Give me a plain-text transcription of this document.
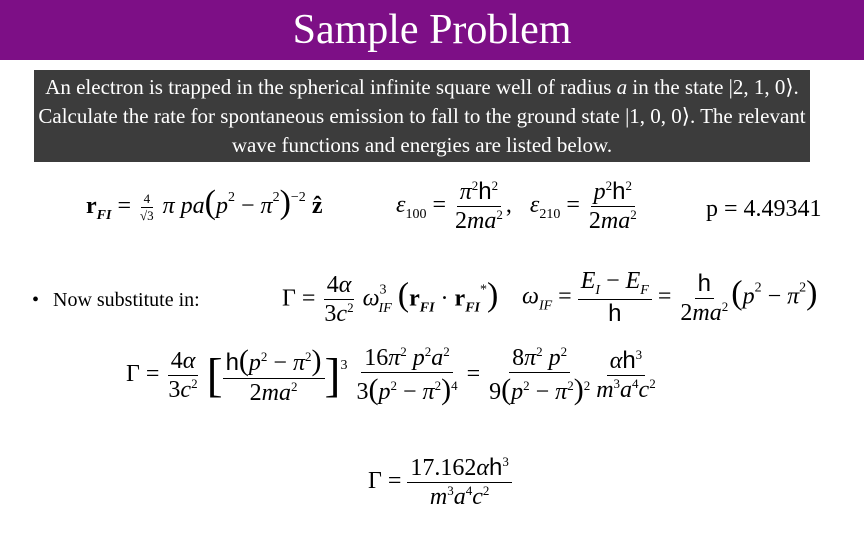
Sample Problem
An electron is trapped in the spherical infinite square well of radius a in the state |2, 1, 0⟩. Calculate the rate for spontaneous emission to fall to the ground state |1, 0, 0⟩. The relevant wave functions and energies are listed below.
$r_{FI} = \frac{4}{√3}$ π $pa(p^2 - \pi^2)^{-2}$ ẑ	$\varepsilon_{100} = \frac{\pi^2h^2}{2ma^2}$ ,   $\varepsilon_{210} = \frac{p^2h^2}{2ma^2}$	p = 4.49341
• Now substitute in:	$\Gamma = \frac{4\alpha}{3c^2} \omega^3_{IF}$ $(r_{FI} \cdot r_{FI}^*) \omega_{IF} = \frac{E_I - E_F}{h} = \frac{h}{2ma^2} (p^2 - \pi^2)$
$\Gamma = \frac{4\alpha}{3c^2}$ [ $\frac{h(p^2 - \pi^2)}{2ma^2} ]^3 \frac{16\pi^2 p^2a^2}{3(p^2 - \pi^2)^4} = \frac{8\pi^2 p^2}{9(p^2 - \pi^2)^2} \frac{\alpha h^3}{m^3a^4c^2}$
$\Gamma = \frac{17.162\alpha h^3}{m^3a^4c^2}$
